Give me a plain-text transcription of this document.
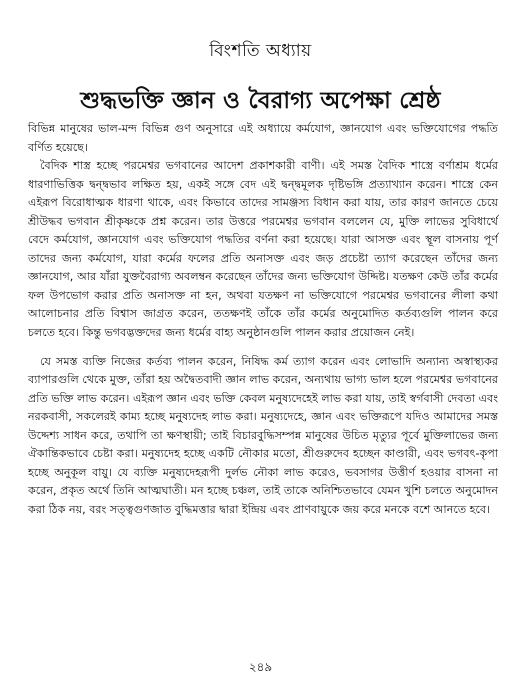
বিংশতি অধ্যায়
শুদ্ধভক্তি জ্ঞান ও বৈরাগ্য অপেক্ষা শ্রেষ্ঠ

বিভিন্ন মানুষের ভাল-মন্দ বিভিন্ন গুণ অনুসারে এই অধ্যায়ে কর্মযোগ, জ্ঞানযোগ এবং ভক্তিযোগের পদ্ধতি বর্ণিত হয়েছে।

বৈদিক শাস্ত্র হচ্ছে পরমেশ্বর ভগবানের আদেশ প্রকাশকারী বাণী। এই সমস্ত বৈদিক শাস্ত্রে বর্ণাশ্রম ধর্মের ধারণাভিত্তিক দ্বন্দ্বভাব লক্ষিত হয়, একই সঙ্গে বেদ এই দ্বন্দ্বমূলক দৃষ্টিভঙ্গি প্রত্যাখ্যান করেন। শাস্ত্রে কেন এইরূপ বিরোধাত্মক ধারণা থাকে, এবং কিভাবে তাদের সামঞ্জস্য বিধান করা যায়, তার কারণ জানতে চেয়ে শ্রীউদ্ধব ভগবান শ্রীকৃষ্ণকে প্রশ্ন করেন। তার উত্তরে পরমেশ্বর ভগবান বললেন যে, মুক্তি লাভের সুবিধার্থে বেদে কর্মযোগ, জ্ঞানযোগ এবং ভক্তিযোগ পদ্ধতির বর্ণনা করা হয়েছে। যারা আসক্ত এবং স্থূল বাসনায় পূর্ণ তাদের জন্য কর্মযোগ, যারা কর্মের ফলের প্রতি অনাসক্ত এবং জড় প্রচেষ্টা ত্যাগ করেছেন তাঁদের জন্য জ্ঞানযোগ, আর যাঁরা যুক্তবৈরাগ্য অবলম্বন করেছেন তাঁদের জন্য ভক্তিযোগ উদ্দিষ্ট। যতক্ষণ কেউ তাঁর কর্মের ফল উপভোগ করার প্রতি অনাসক্ত না হন, অথবা যতক্ষণ না ভক্তিযোগে পরমেশ্বর ভগবানের লীলা কথা আলোচনার প্রতি বিশ্বাস জাগ্রত করেন, ততক্ষণই তাঁকে তাঁর কর্মের অনুমোদিত কর্তব্যগুলি পালন করে চলতে হবে। কিন্তু ভগবদ্ভক্তদের জন্য ধর্মের বাহ্য অনুষ্ঠানগুলি পালন করার প্রয়োজন নেই।

যে সমস্ত ব্যক্তি নিজের কর্তব্য পালন করেন, নিষিদ্ধ কর্ম ত্যাগ করেন এবং লোভাদি অন্যান্য অস্বাস্থ্যকর ব্যাপারগুলি থেকে মুক্ত, তাঁরা হয় অদ্বৈতবাদী জ্ঞান লাভ করেন, অন্যথায় ভাগ্য ভাল হলে পরমেশ্বর ভগবানের প্রতি ভক্তি লাভ করেন। এইরূপ জ্ঞান এবং ভক্তি কেবল মনুষ্যদেহেই লাভ করা যায়, তাই স্বর্গবাসী দেবতা এবং নরকবাসী, সকলেরই কাম্য হচ্ছে মনুষ্যদেহ লাভ করা। মনুষ্যদেহে, জ্ঞান এবং ভক্তিরূপে যদিও আমাদের সমস্ত উদ্দেশ্য সাধন করে, তথাপি তা ক্ষণস্থায়ী; তাই বিচারবুদ্ধিসম্পন্ন মানুষের উচিত মৃত্যুর পূর্বে মুক্তিলাভের জন্য ঐকান্তিকভাবে চেষ্টা করা। মনুষ্যদেহ হচ্ছে একটি নৌকার মতো, শ্রীগুরুদেব হচ্ছেন কাণ্ডারী, এবং ভগবৎ-কৃপা হচ্ছে অনুকূল বায়ু। যে ব্যক্তি মনুষ্যদেহরূপী দুর্লভ নৌকা লাভ করেও, ভবসাগর উত্তীর্ণ হওয়ার বাসনা না করেন, প্রকৃত অর্থে তিনি আত্মঘাতী। মন হচ্ছে চঞ্চল, তাই তাকে অনিশ্চিতভাবে যেমন খুশি চলতে অনুমোদন করা ঠিক নয়, বরং সত্ত্বগুণজাত বুদ্ধিমত্তার দ্বারা ইন্দ্রিয় এবং প্রাণবায়ুকে জয় করে মনকে বশে আনতে হবে।

২৪৯
